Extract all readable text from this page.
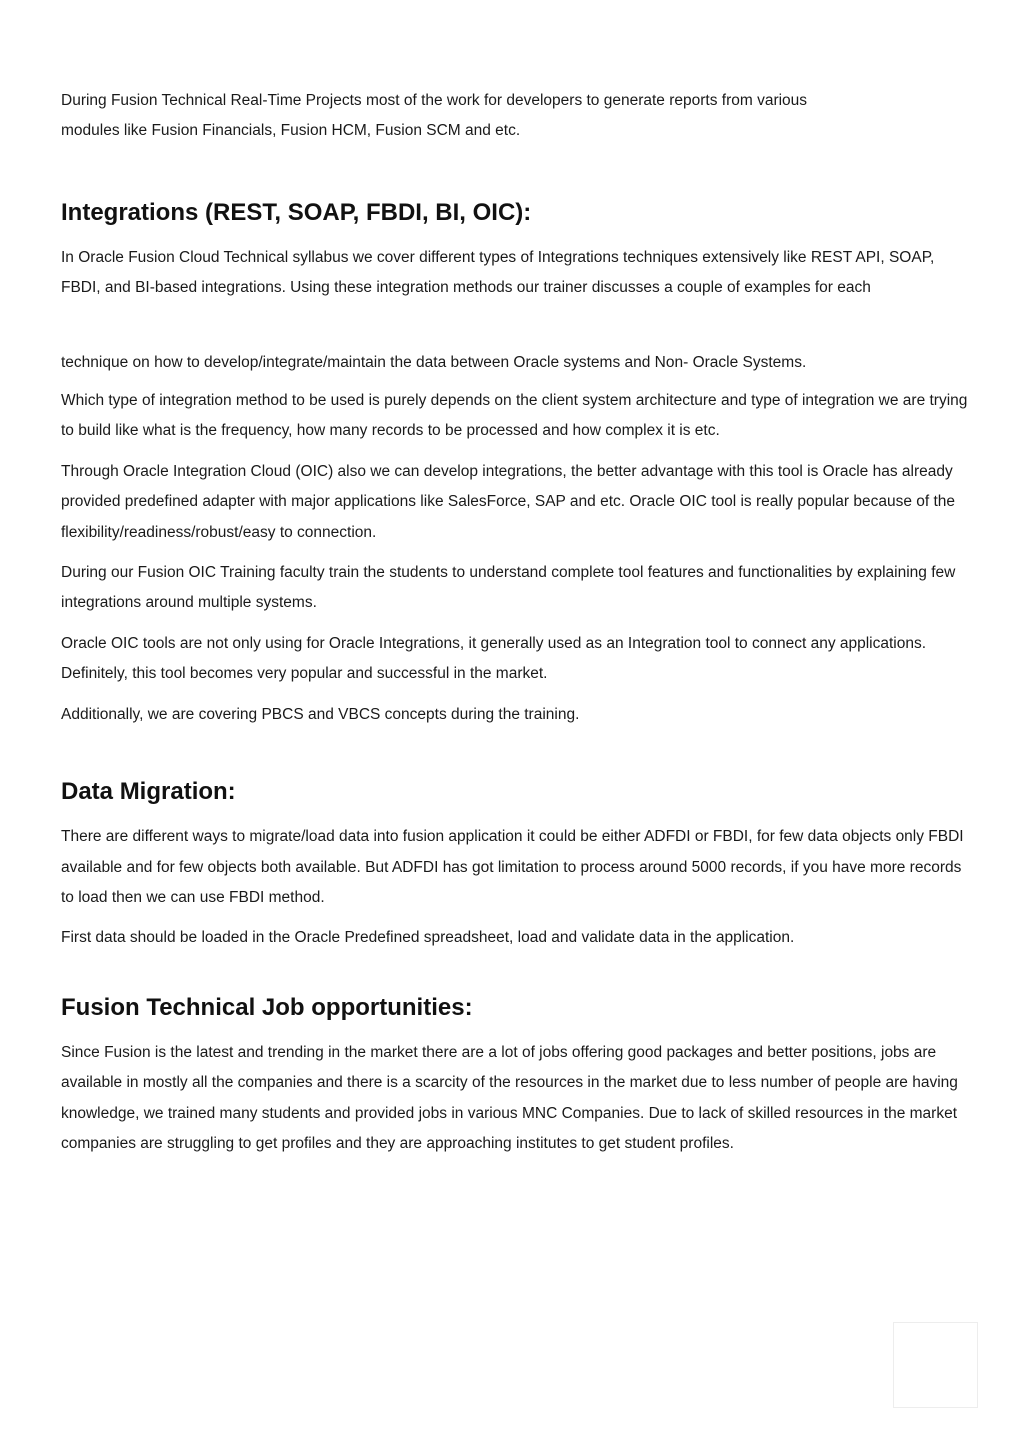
During Fusion Technical Real-Time Projects most of the work for developers to generate reports from various
modules like Fusion Financials, Fusion HCM, Fusion SCM and etc.

Integrations (REST, SOAP, FBDI, BI, OIC):

In Oracle Fusion Cloud Technical syllabus we cover different types of Integrations techniques extensively like REST API, SOAP, FBDI, and BI-based integrations. Using these integration methods our trainer discusses a couple of examples for each

technique on how to develop/integrate/maintain the data between Oracle systems and Non- Oracle Systems.

Which type of integration method to be used is purely depends on the client system architecture and type of integration we are trying to build like what is the frequency, how many records to be processed and how complex it is etc.

Through Oracle Integration Cloud (OIC) also we can develop integrations, the better advantage with this tool is Oracle has already provided predefined adapter with major applications like SalesForce, SAP and etc. Oracle OIC tool is really popular because of the flexibility/readiness/robust/easy to connection.

During our Fusion OIC Training faculty train the students to understand complete tool features and functionalities by explaining few integrations around multiple systems.

Oracle OIC tools are not only using for Oracle Integrations, it generally used as an Integration tool to connect any applications. Definitely, this tool becomes very popular and successful in the market.

Additionally, we are covering PBCS and VBCS concepts during the training.

Data Migration:

There are different ways to migrate/load data into fusion application it could be either ADFDI or FBDI, for few data objects only FBDI available and for few objects both available. But ADFDI has got limitation to process around 5000 records, if you have more records to load then we can use FBDI method.

First data should be loaded in the Oracle Predefined spreadsheet, load and validate data in the application.

Fusion Technical Job opportunities:

Since Fusion is the latest and trending in the market there are a lot of jobs offering good packages and better positions, jobs are available in mostly all the companies and there is a scarcity of the resources in the market due to less number of people are having knowledge, we trained many students and provided jobs in various MNC Companies. Due to lack of skilled resources in the market companies are struggling to get profiles and they are approaching institutes to get student profiles.
